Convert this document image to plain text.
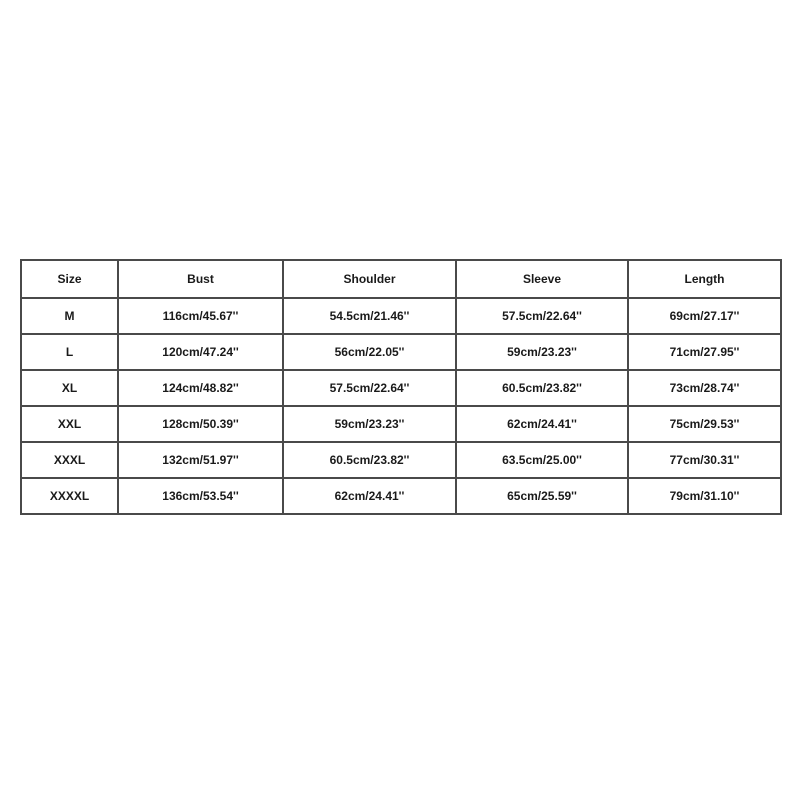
Size	Bust	Shoulder	Sleeve	Length
M	116cm/45.67''	54.5cm/21.46''	57.5cm/22.64''	69cm/27.17''
L	120cm/47.24''	56cm/22.05''	59cm/23.23''	71cm/27.95''
XL	124cm/48.82''	57.5cm/22.64''	60.5cm/23.82''	73cm/28.74''
XXL	128cm/50.39''	59cm/23.23''	62cm/24.41''	75cm/29.53''
XXXL	132cm/51.97''	60.5cm/23.82''	63.5cm/25.00''	77cm/30.31''
XXXXL	136cm/53.54''	62cm/24.41''	65cm/25.59''	79cm/31.10''
